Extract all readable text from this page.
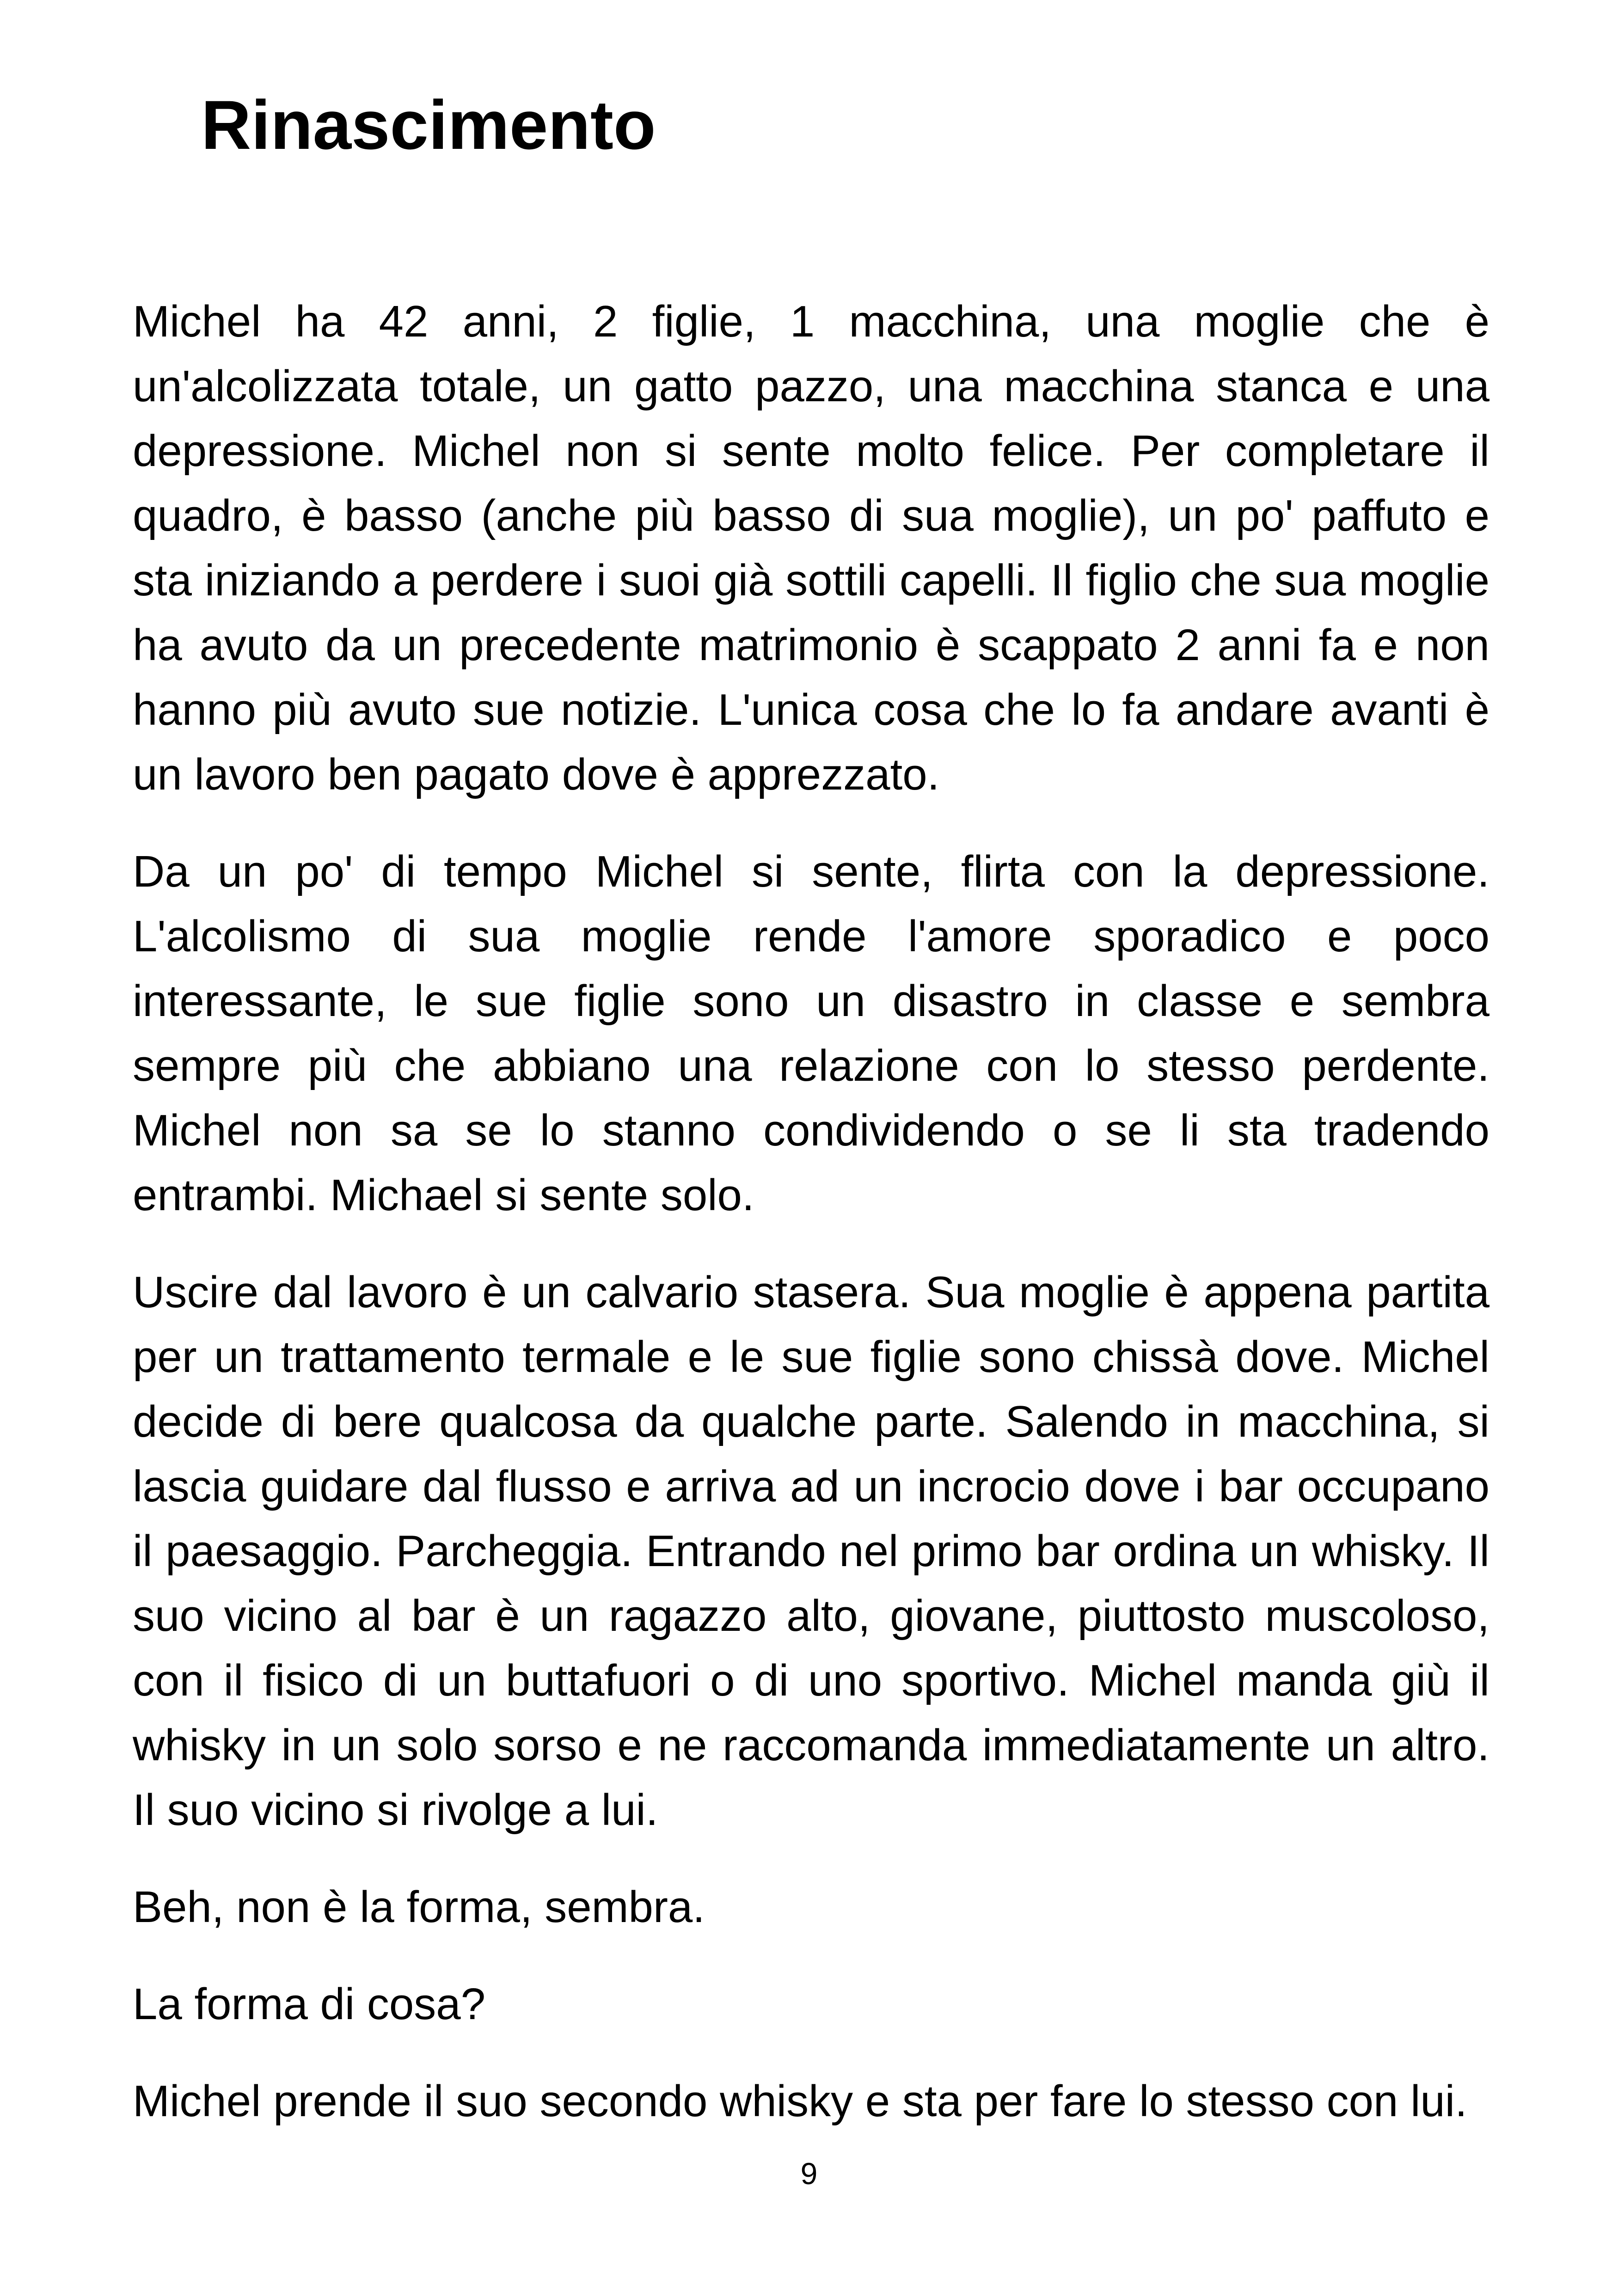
Rinascimento

Michel ha 42 anni, 2 figlie, 1 macchina, una moglie che è un'alcolizzata totale, un gatto pazzo, una macchina stanca e una depressione. Michel non si sente molto felice. Per completare il quadro, è basso (anche più basso di sua moglie), un po' paffuto e sta iniziando a perdere i suoi già sottili capelli. Il figlio che sua moglie ha avuto da un precedente matrimonio è scappato 2 anni fa e non hanno più avuto sue notizie. L'unica cosa che lo fa andare avanti è un lavoro ben pagato dove è apprezzato.

Da un po' di tempo Michel si sente, flirta con la depressione. L'alcolismo di sua moglie rende l'amore sporadico e poco interessante, le sue figlie sono un disastro in classe e sembra sempre più che abbiano una relazione con lo stesso perdente. Michel non sa se lo stanno condividendo o se li sta tradendo entrambi. Michael si sente solo.

Uscire dal lavoro è un calvario stasera. Sua moglie è appena partita per un trattamento termale e le sue figlie sono chissà dove. Michel decide di bere qualcosa da qualche parte. Salendo in macchina, si lascia guidare dal flusso e arriva ad un incrocio dove i bar occupano il paesaggio. Parcheggia. Entrando nel primo bar ordina un whisky. Il suo vicino al bar è un ragazzo alto, giovane, piuttosto muscoloso, con il fisico di un buttafuori o di uno sportivo. Michel manda giù il whisky in un solo sorso e ne raccomanda immediatamente un altro. Il suo vicino si rivolge a lui.

Beh, non è la forma, sembra.

La forma di cosa?

Michel prende il suo secondo whisky e sta per fare lo stesso con lui.

9
